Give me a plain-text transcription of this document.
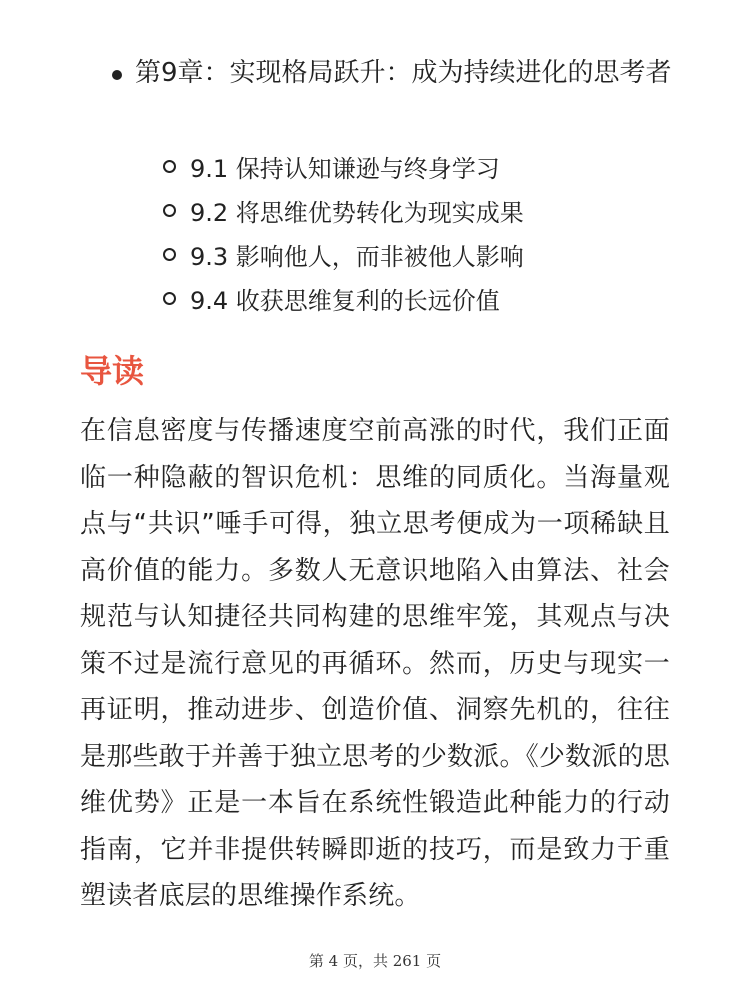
第9章：实现格局跃升：成为持续进化的思考者
9.1 保持认知谦逊与终身学习
9.2 将思维优势转化为现实成果
9.3 影响他人，而非被他人影响
9.4 收获思维复利的长远价值
导读

在信息密度与传播速度空前高涨的时代，我们正面临一种隐蔽的智识危机：思维的同质化。当海量观点与“共识”唾手可得，独立思考便成为一项稀缺且高价值的能力。多数人无意识地陷入由算法、社会规范与认知捷径共同构建的思维牢笼，其观点与决策不过是流行意见的再循环。然而，历史与现实一再证明，推动进步、创造价值、洞察先机的，往往是那些敢于并善于独立思考的少数派。《少数派的思维优势》正是一本旨在系统性锻造此种能力的行动指南，它并非提供转瞬即逝的技巧，而是致力于重塑读者底层的思维操作系统。

第 4 页，共 261 页
